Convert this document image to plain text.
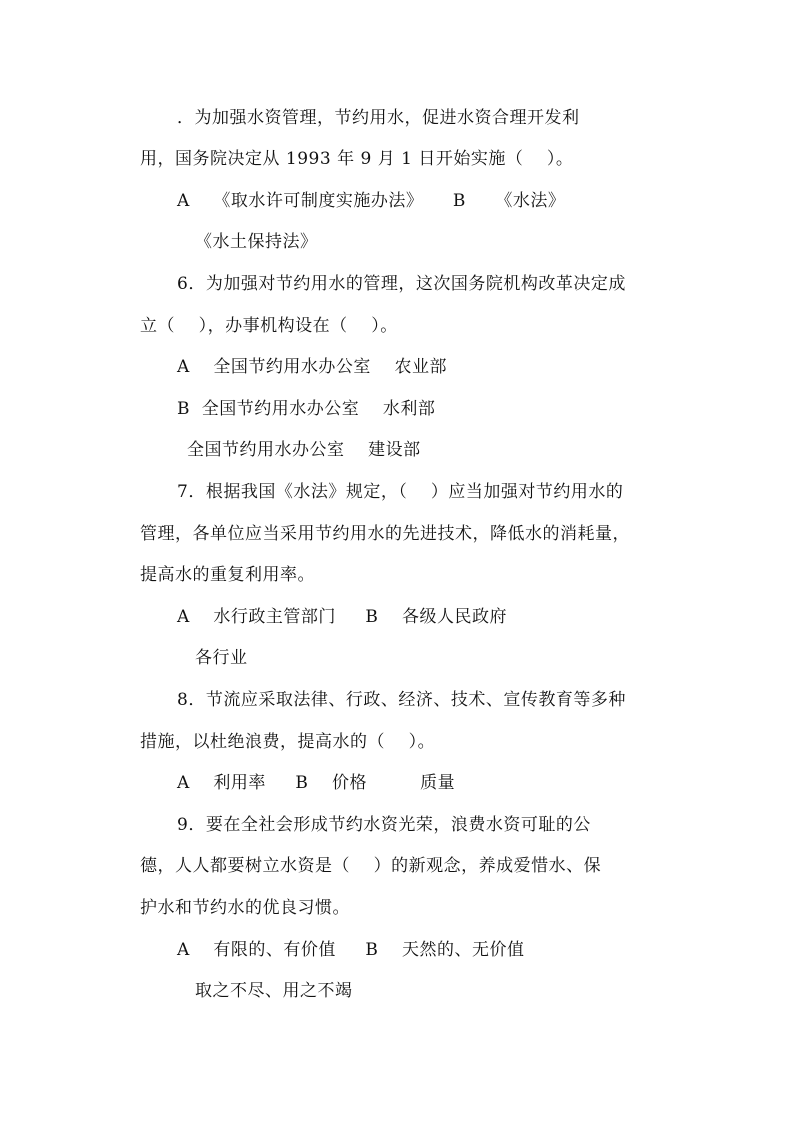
．为加强水资管理，节约用水，促进水资合理开发利
用，国务院决定从 1993 年 9 月 1 日开始实施（    ）。
A    《取水许可制度实施办法》     B     《水法》
《水土保持法》
6．为加强对节约用水的管理，这次国务院机构改革决定成
立（    ），办事机构设在（    ）。
A    全国节约用水办公室    农业部
B  全国节约用水办公室    水利部
全国节约用水办公室    建设部
7．根据我国《水法》规定，（    ）应当加强对节约用水的
管理，各单位应当采用节约用水的先进技术，降低水的消耗量，
提高水的重复利用率。
A    水行政主管部门     B    各级人民政府
各行业
8．节流应采取法律、行政、经济、技术、宣传教育等多种
措施，以杜绝浪费，提高水的（    ）。
A    利用率     B    价格         质量
9．要在全社会形成节约水资光荣，浪费水资可耻的公
德，人人都要树立水资是（    ）的新观念，养成爱惜水、保
护水和节约水的优良习惯。
A    有限的、有价值     B    天然的、无价值
取之不尽、用之不竭
